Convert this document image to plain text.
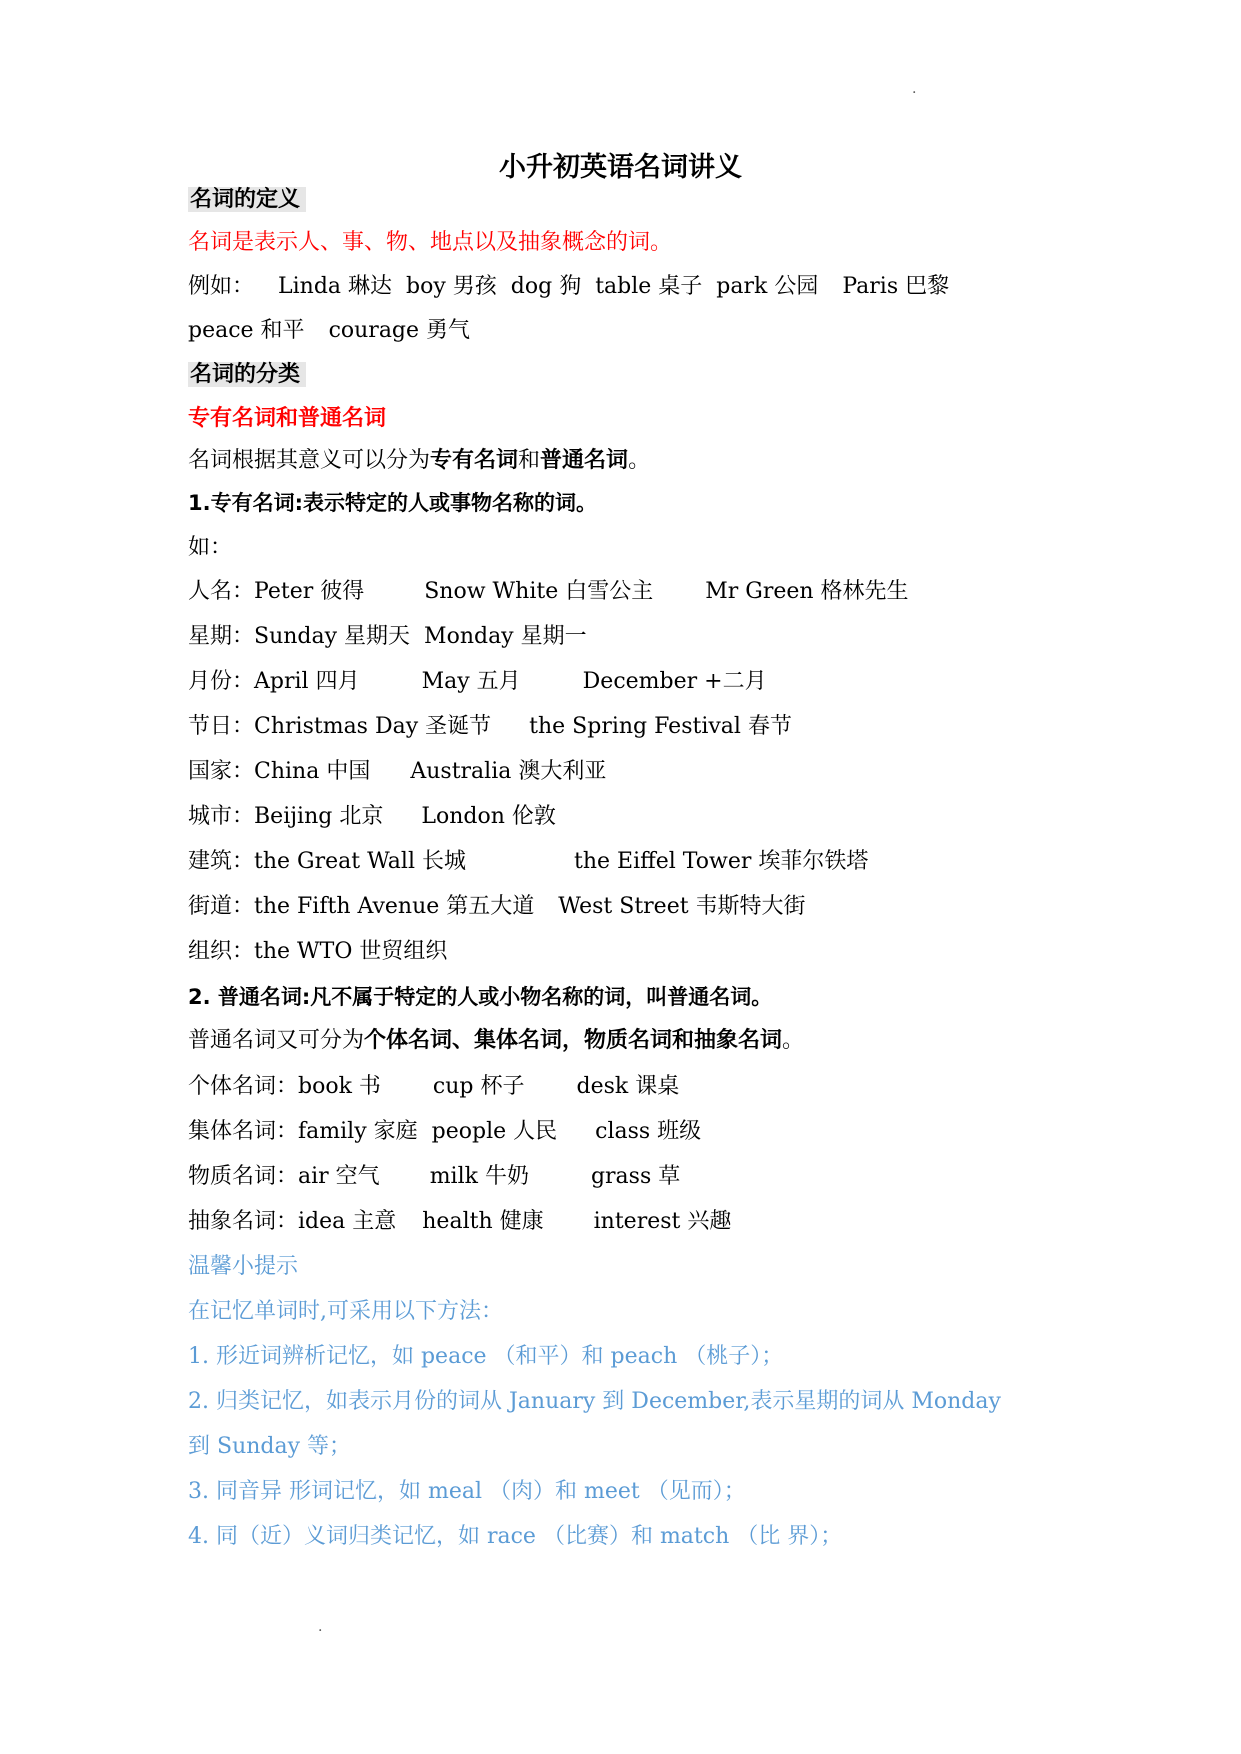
.
小升初英语名词讲义
名词的定义
名词是表示人、事、物、地点以及抽象概念的词。
例如： Linda 琳达 boy 男孩 dog 狗 table 桌子 park 公园 Paris 巴黎
peace 和平 courage 勇气
名词的分类
专有名词和普通名词
名词根据其意义可以分为专有名词和普通名词。
1.专有名词:表示特定的人或事物名称的词。
如：
人名：Peter 彼得	Snow White 白雪公主 Mr Green 格林先生
星期：Sunday 星期天 Monday 星期一
月份：April 四月	May 五月	December +二月
节日：Christmas Day 圣诞节 the Spring Festival 春节
国家：China 中国 Australia 澳大利亚
城市：Beijing 北京 London 伦敦
建筑：the Great Wall 长城	the Eiffel Tower 埃菲尔铁塔
街道：the Fifth Avenue 第五大道 West Street 韦斯特大街
组织：the WTO 世贸组织
2. 普通名词:凡不属于特定的人或小物名称的词，叫普通名词。
普通名词又可分为个体名词、集体名词，物质名词和抽象名词。
个体名词：book 书 cup 杯子 desk 课桌
集体名词：family 家庭 people 人民 class 班级
物质名词：air 空气 milk 牛奶	grass 草
抽象名词：idea 主意 health 健康 interest 兴趣
温馨小提示
在记忆单词时,可采用以下方法：
1. 形近词辨析记忆，如 peace （和平）和 peach （桃子）；
2. 归类记忆，如表示月份的词从 January 到 December,表示星期的词从 Monday
到 Sunday 等；
3. 同音异 形词记忆，如 meal （肉）和 meet （见而）；
4. 同（近）义词归类记忆，如 race （比赛）和 match （比 界）；
.
